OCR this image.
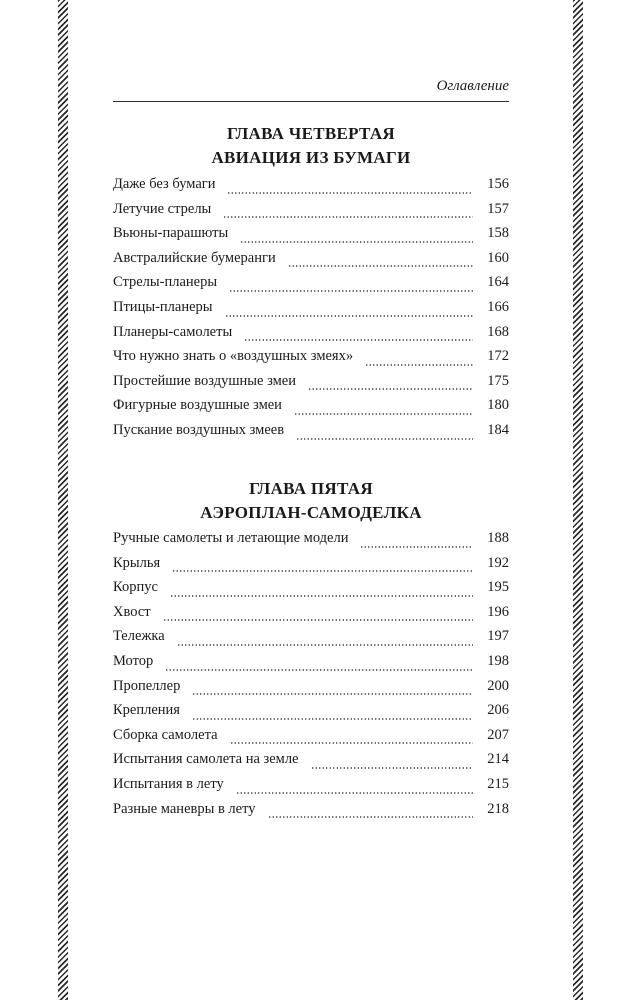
Оглавление
ГЛАВА ЧЕТВЕРТАЯ
АВИАЦИЯ ИЗ БУМАГИ
Даже без бумаги	156
Летучие стрелы	157
Вьюны-парашюты	158
Австралийские бумеранги	160
Стрелы-планеры	164
Птицы-планеры	166
Планеры-самолеты	168
Что нужно знать о «воздушных змеях»	172
Простейшие воздушные змеи	175
Фигурные воздушные змеи	180
Пускание воздушных змеев	184
ГЛАВА ПЯТАЯ
АЭРОПЛАН-САМОДЕЛКА
Ручные самолеты и летающие модели	188
Крылья	192
Корпус	195
Хвост	196
Тележка	197
Мотор	198
Пропеллер	200
Крепления	206
Сборка самолета	207
Испытания самолета на земле	214
Испытания в лету	215
Разные маневры в лету	218
